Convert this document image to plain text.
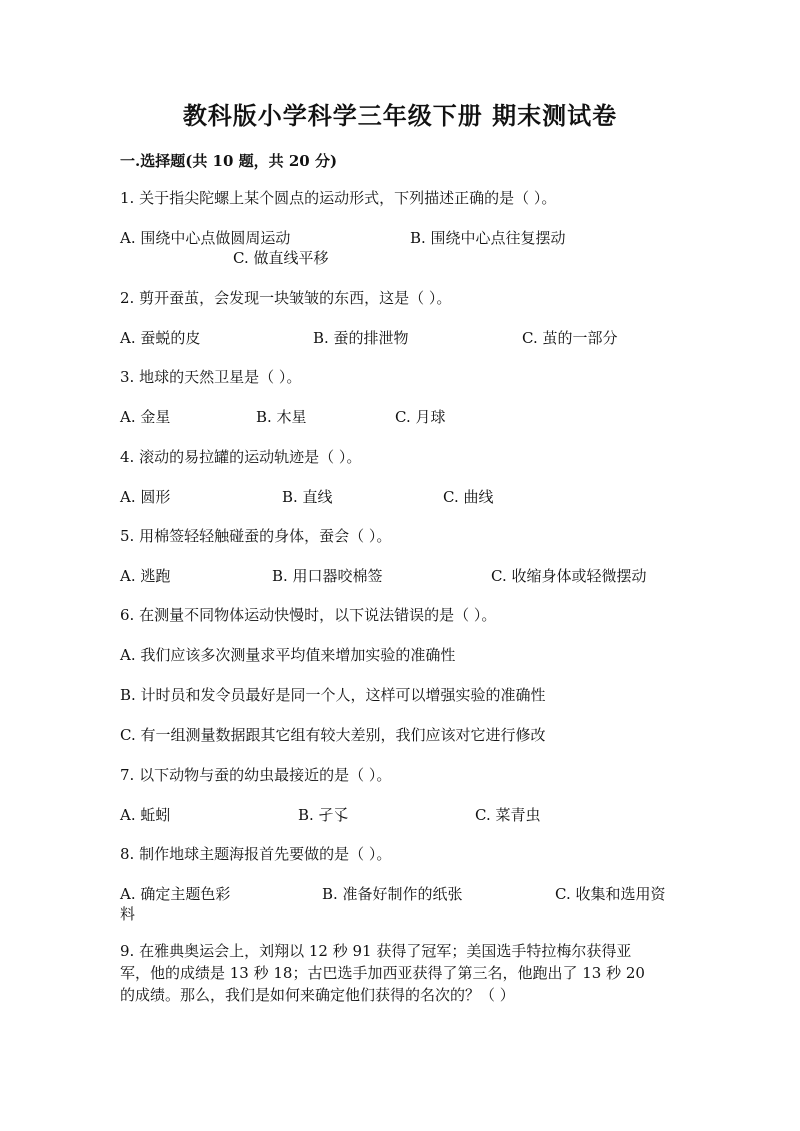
教科版小学科学三年级下册 期末测试卷
一.选择题(共 10 题，共 20 分)
1. 关于指尖陀螺上某个圆点的运动形式，下列描述正确的是（ ）。
A. 围绕中心点做圆周运动	B. 围绕中心点往复摆动
C. 做直线平移
2. 剪开蚕茧，会发现一块皱皱的东西，这是（ ）。
A. 蚕蜕的皮	B. 蚕的排泄物	C. 茧的一部分
3. 地球的天然卫星是（ ）。
A. 金星	B. 木星	C. 月球
4. 滚动的易拉罐的运动轨迹是（ ）。
A. 圆形	B. 直线	C. 曲线
5. 用棉签轻轻触碰蚕的身体，蚕会（ ）。
A. 逃跑	B. 用口器咬棉签	C. 收缩身体或轻微摆动
6. 在测量不同物体运动快慢时，以下说法错误的是（ ）。
A. 我们应该多次测量求平均值来增加实验的准确性
B. 计时员和发令员最好是同一个人，这样可以增强实验的准确性
C. 有一组测量数据跟其它组有较大差别，我们应该对它进行修改
7. 以下动物与蚕的幼虫最接近的是（ ）。
A. 蚯蚓	B. 孑孓	C. 菜青虫
8. 制作地球主题海报首先要做的是（ ）。
A. 确定主题色彩	B. 准备好制作的纸张	C. 收集和选用资
料
9. 在雅典奥运会上，刘翔以 12 秒 91 获得了冠军；美国选手特拉梅尔获得亚
军，他的成绩是 13 秒 18；古巴选手加西亚获得了第三名，他跑出了 13 秒 20
的成绩。那么，我们是如何来确定他们获得的名次的？（ ）
